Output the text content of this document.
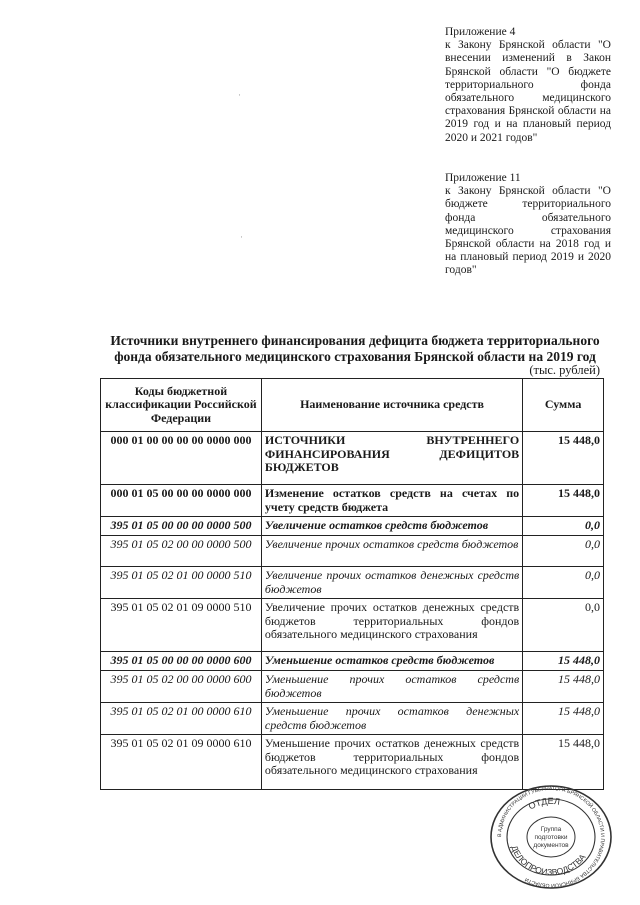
Приложение 4
к Закону Брянской области "О внесении изменений в Закон Брянской области "О бюджете территориального фонда обязательного медицинского страхования Брянской области на 2019 год и на плановый период 2020 и 2021 годов"
Приложение 11
к Закону Брянской области "О бюджете территориального фонда обязательного медицинского страхования Брянской области на 2018 год и на плановый период 2019 и 2020 годов"
·
·
Источники внутреннего финансирования дефицита бюджета территориального фонда обязательного медицинского страхования Брянской области на 2019 год
(тыс. рублей)
Коды бюджетной классификации Российской Федерации	Наименование источника средств	Сумма
000 01 00 00 00 00 0000 000	ИСТОЧНИКИ ВНУТРЕННЕГО ФИНАНСИРОВАНИЯ ДЕФИЦИТОВ БЮДЖЕТОВ	15 448,0
000 01 05 00 00 00 0000 000	Изменение остатков средств на счетах по учету средств бюджета	15 448,0
395 01 05 00 00 00 0000 500	Увеличение остатков средств бюджетов	0,0
395 01 05 02 00 00 0000 500	Увеличение прочих остатков средств бюджетов	0,0
395 01 05 02 01 00 0000 510	Увеличение прочих остатков денежных средств бюджетов	0,0
395 01 05 02 01 09 0000 510	Увеличение прочих остатков денежных средств бюджетов территориальных фондов обязательного медицинского страхования	0,0
395 01 05 00 00 00 0000 600	Уменьшение остатков средств бюджетов	15 448,0
395 01 05 02 00 00 0000 600	Уменьшение прочих остатков средств бюджетов	15 448,0
395 01 05 02 01 00 0000 610	Уменьшение прочих остатков денежных средств бюджетов	15 448,0
395 01 05 02 01 09 0000 610	Уменьшение прочих остатков денежных средств бюджетов территориальных фондов обязательного медицинского страхования	15 448,0
В АДМИНИСТРАЦИИ ГУБЕРНАТОРА БРЯНСКОЙ ОБЛАСТИ И ПРАВИТЕЛЬСТВА БРЯНСКОЙ ОБЛАСТИ
ОТДЕЛ
ДЕЛОПРОИЗВОДСТВА
Группа
подготовки
документов
